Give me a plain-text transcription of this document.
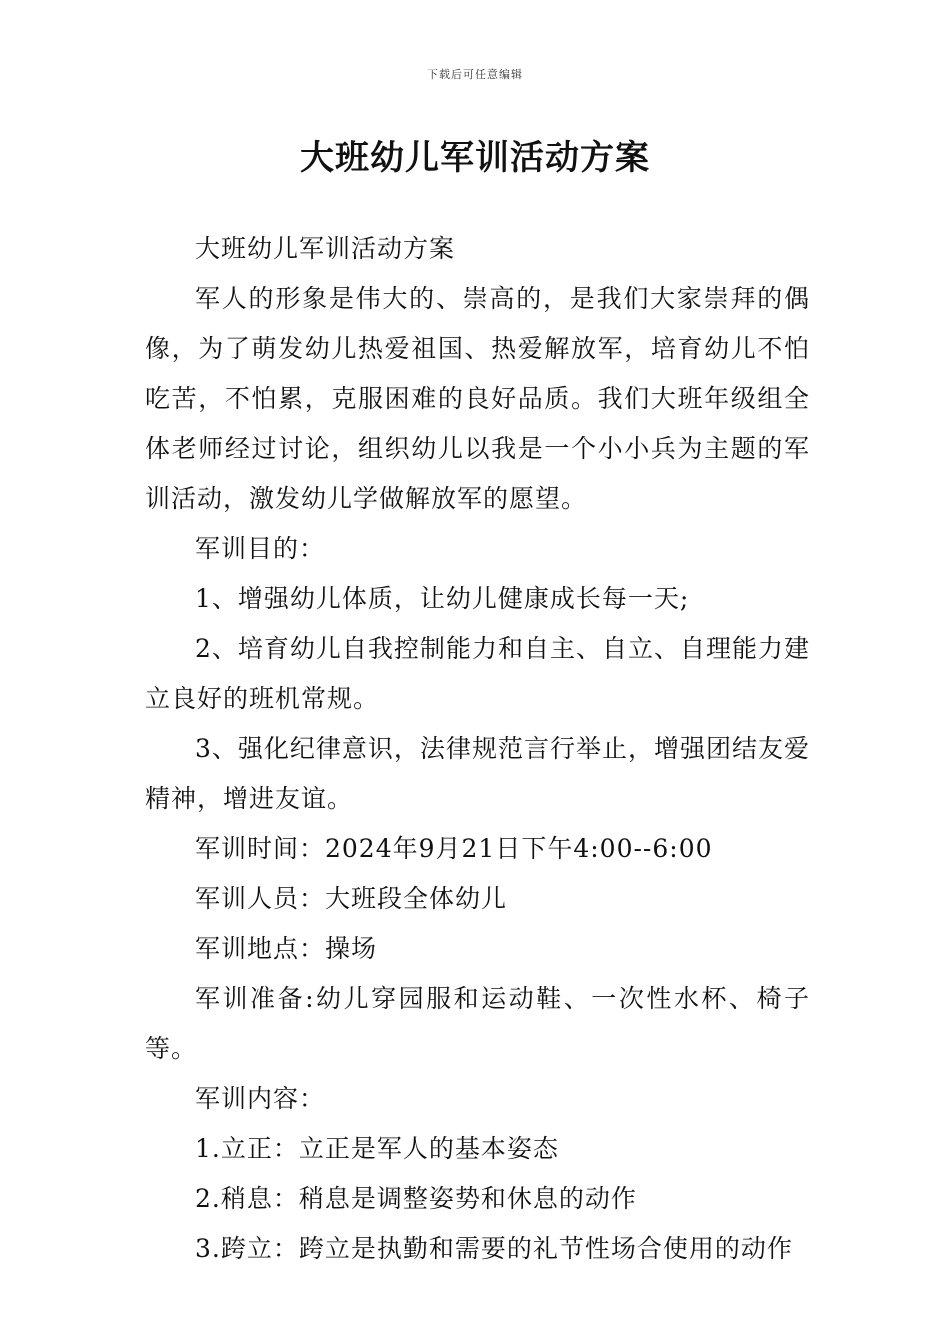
下载后可任意编辑
大班幼儿军训活动方案

大班幼儿军训活动方案

军人的形象是伟大的、崇高的，是我们大家崇拜的偶像，为了萌发幼儿热爱祖国、热爱解放军，培育幼儿不怕吃苦，不怕累，克服困难的良好品质。我们大班年级组全体老师经过讨论，组织幼儿以我是一个小小兵为主题的军训活动，激发幼儿学做解放军的愿望。

军训目的：

1、增强幼儿体质，让幼儿健康成长每一天;

2、培育幼儿自我控制能力和自主、自立、自理能力建立良好的班机常规。

3、强化纪律意识，法律规范言行举止，增强团结友爱精神，增进友谊。

军训时间：2024年9月21日下午4:00--6:00

军训人员：大班段全体幼儿

军训地点：操场

军训准备:幼儿穿园服和运动鞋、一次性水杯、椅子等。

军训内容：

1.立正：立正是军人的基本姿态

2.稍息：稍息是调整姿势和休息的动作

3.跨立：跨立是执勤和需要的礼节性场合使用的动作
